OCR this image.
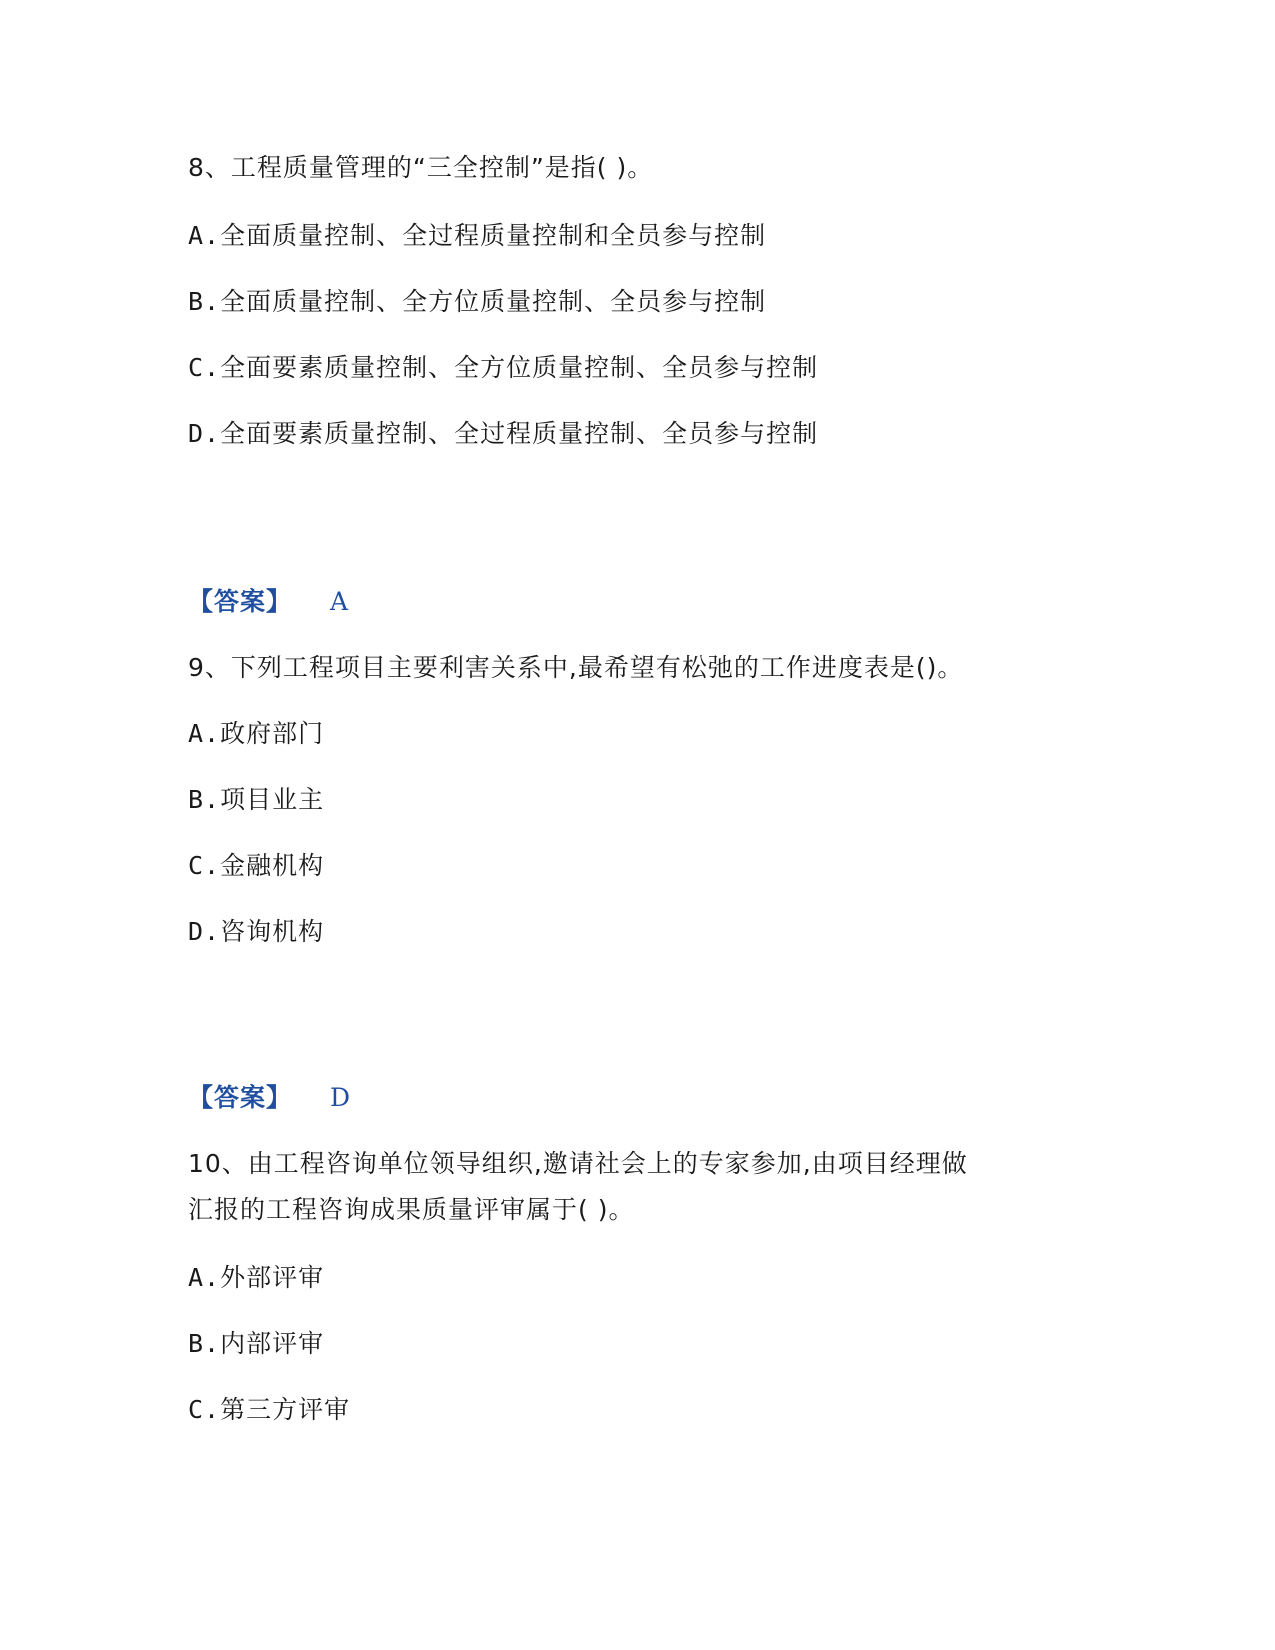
8、工程质量管理的“三全控制”是指( )。
A.全面质量控制、全过程质量控制和全员参与控制
B.全面质量控制、全方位质量控制、全员参与控制
C.全面要素质量控制、全方位质量控制、全员参与控制
D.全面要素质量控制、全过程质量控制、全员参与控制
【答案】 A
9、下列工程项目主要利害关系中,最希望有松弛的工作进度表是()。
A.政府部门
B.项目业主
C.金融机构
D.咨询机构
【答案】 D
10、由工程咨询单位领导组织,邀请社会上的专家参加,由项目经理做
汇报的工程咨询成果质量评审属于( )。
A.外部评审
B.内部评审
C.第三方评审
